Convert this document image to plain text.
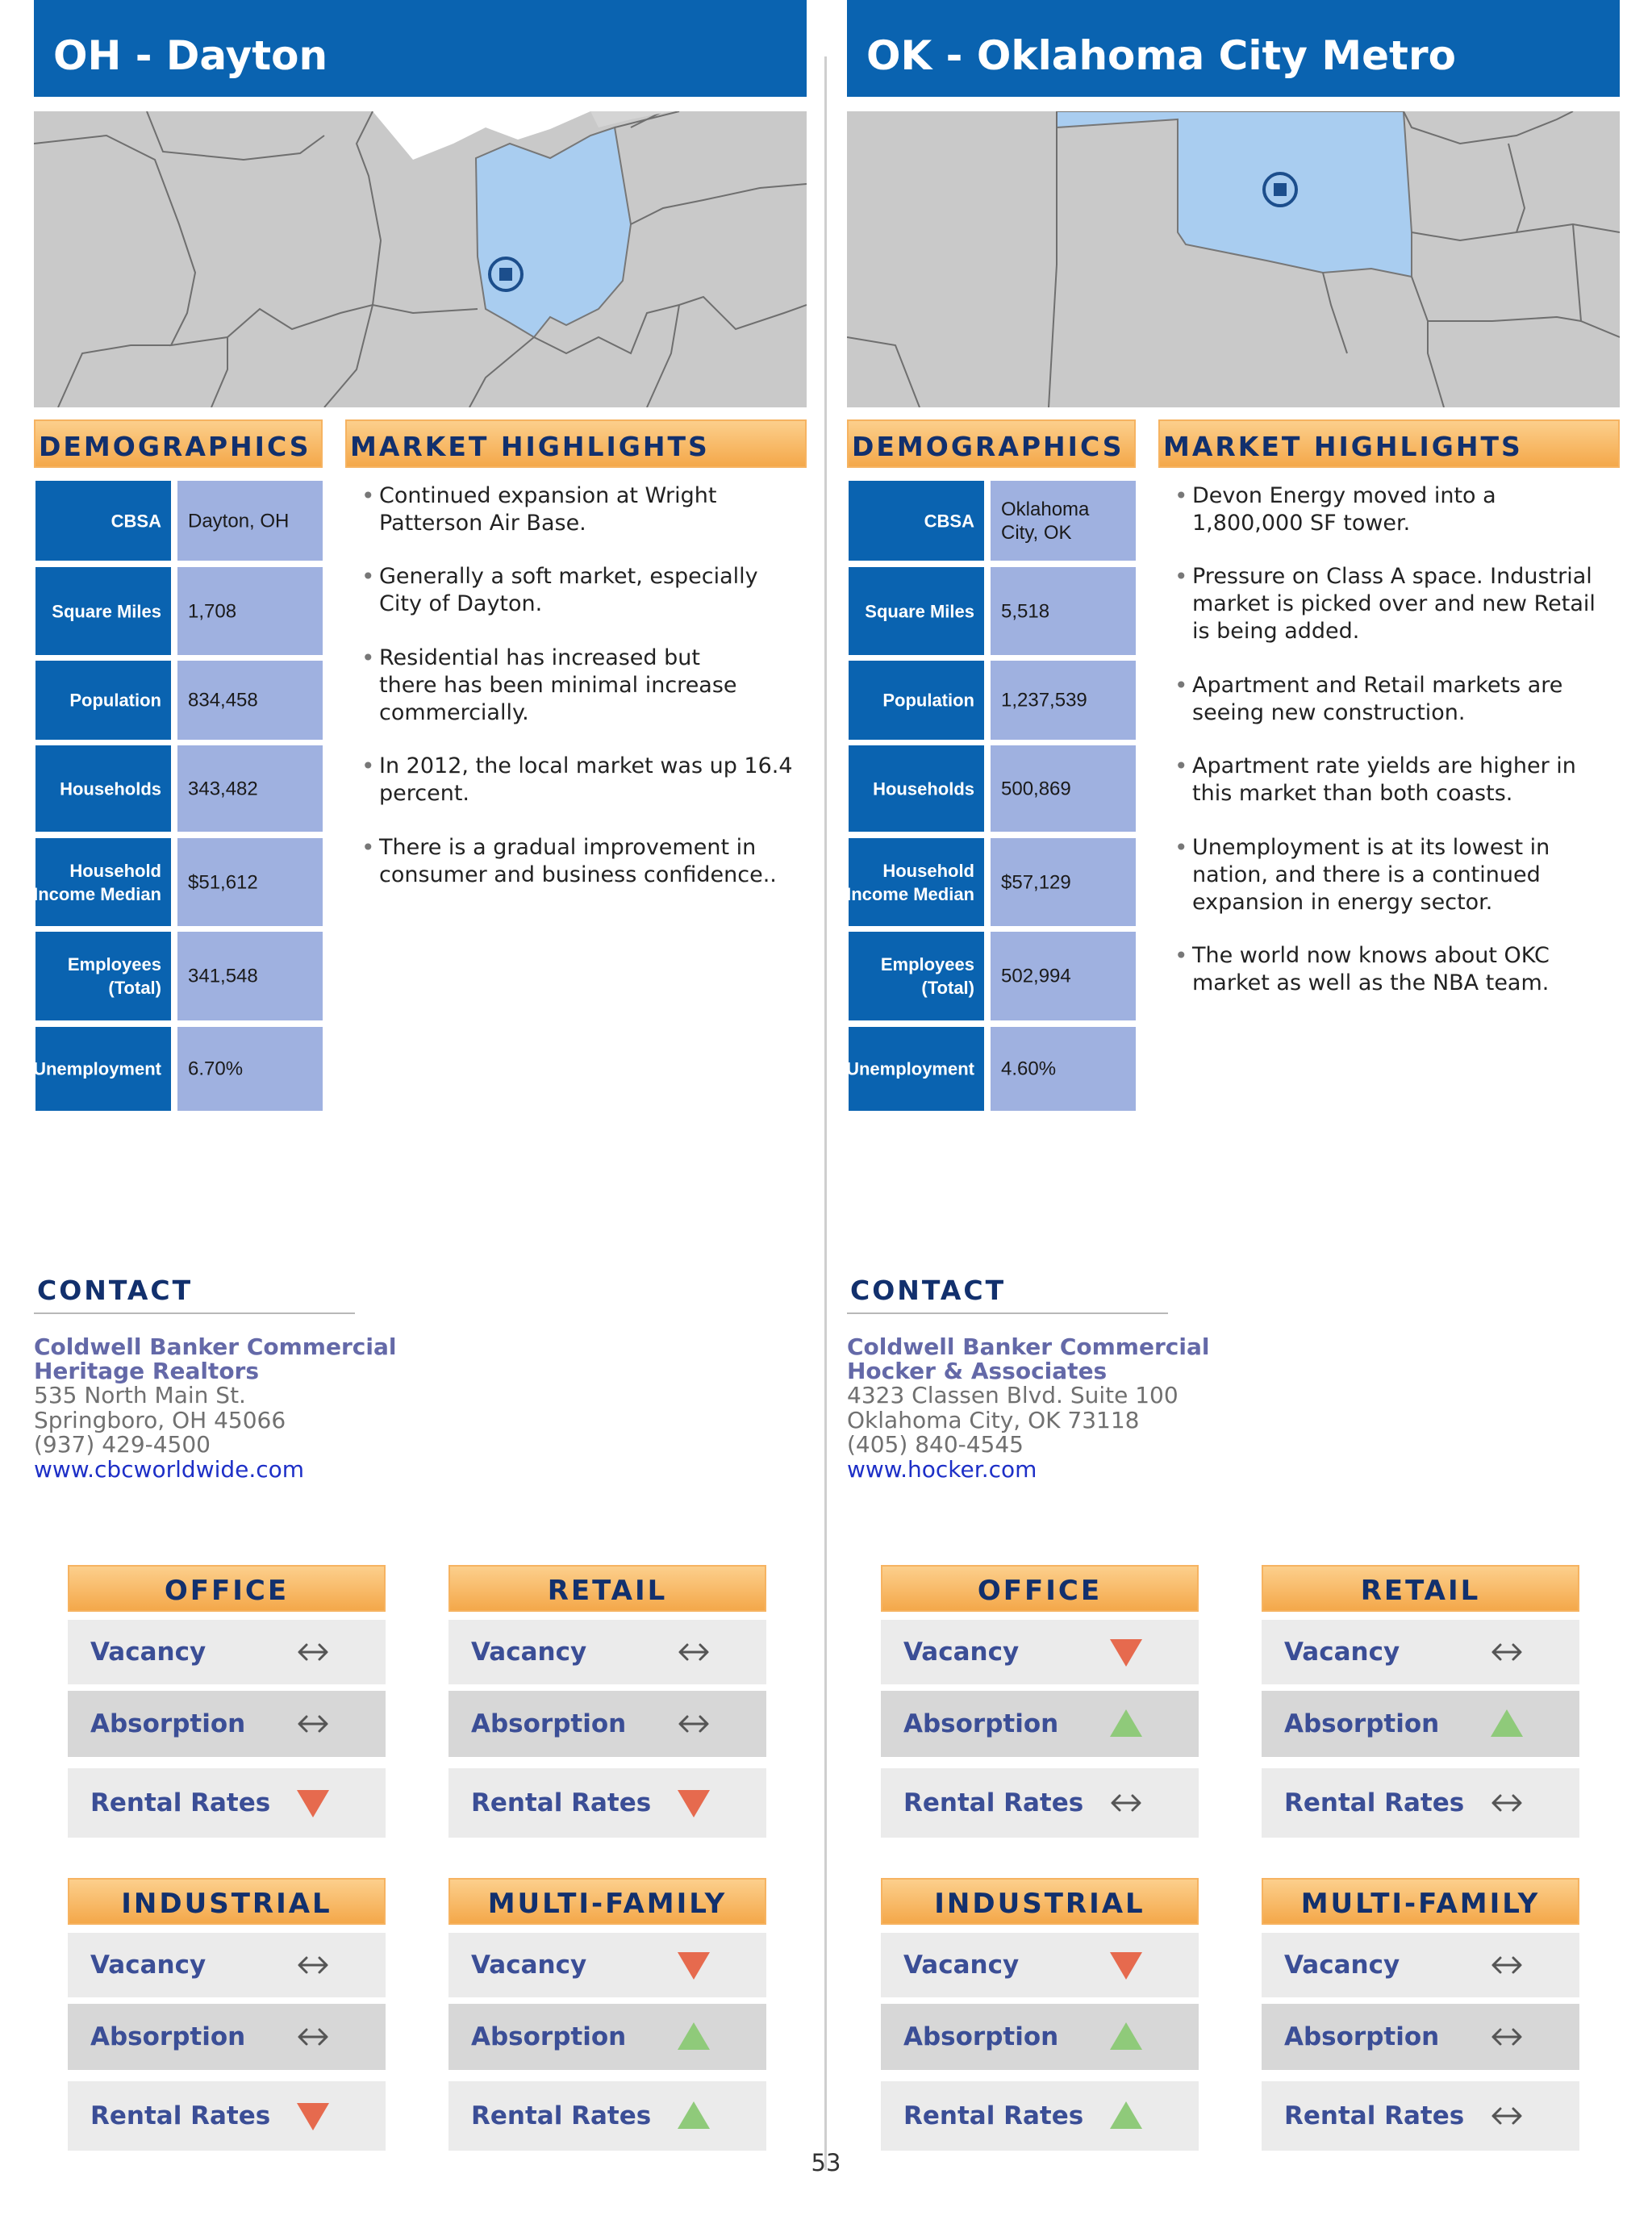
OH - Dayton
DEMOGRAPHICS MARKET HIGHLIGHTS
CBSA Dayton, OH
Square Miles 1,708
Population 834,458
Households 343,482
Household
Income Median
$51,612
Employees
(Total)
341,548
Unemployment 6.70%
• Continued expansion at Wright
Patterson Air Base.
• Generally a soft market, especially
City of Dayton.
• Residential has increased but
there has been minimal increase
commercially.
• In 2012, the local market was up 16.4
percent.
• There is a gradual improvement in
consumer and business confidence..
CONTACT
Coldwell Banker Commercial
Heritage Realtors
535 North Main St.
Springboro, OH 45066
(937) 429-4500
www.cbcworldwide.com
OFFICE
Vacancy
Absorption
Rental Rates
RETAIL
Vacancy
Absorption
Rental Rates
INDUSTRIAL
Vacancy
Absorption
Rental Rates
MULTI-FAMILY
Vacancy
Absorption
Rental Rates
OK - Oklahoma City Metro
DEMOGRAPHICS MARKET HIGHLIGHTS
CBSA
Oklahoma
City, OK
Square Miles 5,518
Population 1,237,539
Households 500,869
Household
Income Median
$57,129
Employees
(Total)
502,994
Unemployment 4.60%
• Devon Energy moved into a
1,800,000 SF tower.
• Pressure on Class A space. Industrial
market is picked over and new Retail
is being added.
• Apartment and Retail markets are
seeing new construction.
• Apartment rate yields are higher in
this market than both coasts.
• Unemployment is at its lowest in
nation, and there is a continued
expansion in energy sector.
• The world now knows about OKC
market as well as the NBA team.
CONTACT
Coldwell Banker Commercial
Hocker & Associates
4323 Classen Blvd. Suite 100
Oklahoma City, OK 73118
(405) 840-4545
www.hocker.com
OFFICE
Vacancy
Absorption
Rental Rates
RETAIL
Vacancy
Absorption
Rental Rates
INDUSTRIAL
Vacancy
Absorption
Rental Rates
MULTI-FAMILY
Vacancy
Absorption
Rental Rates
53
